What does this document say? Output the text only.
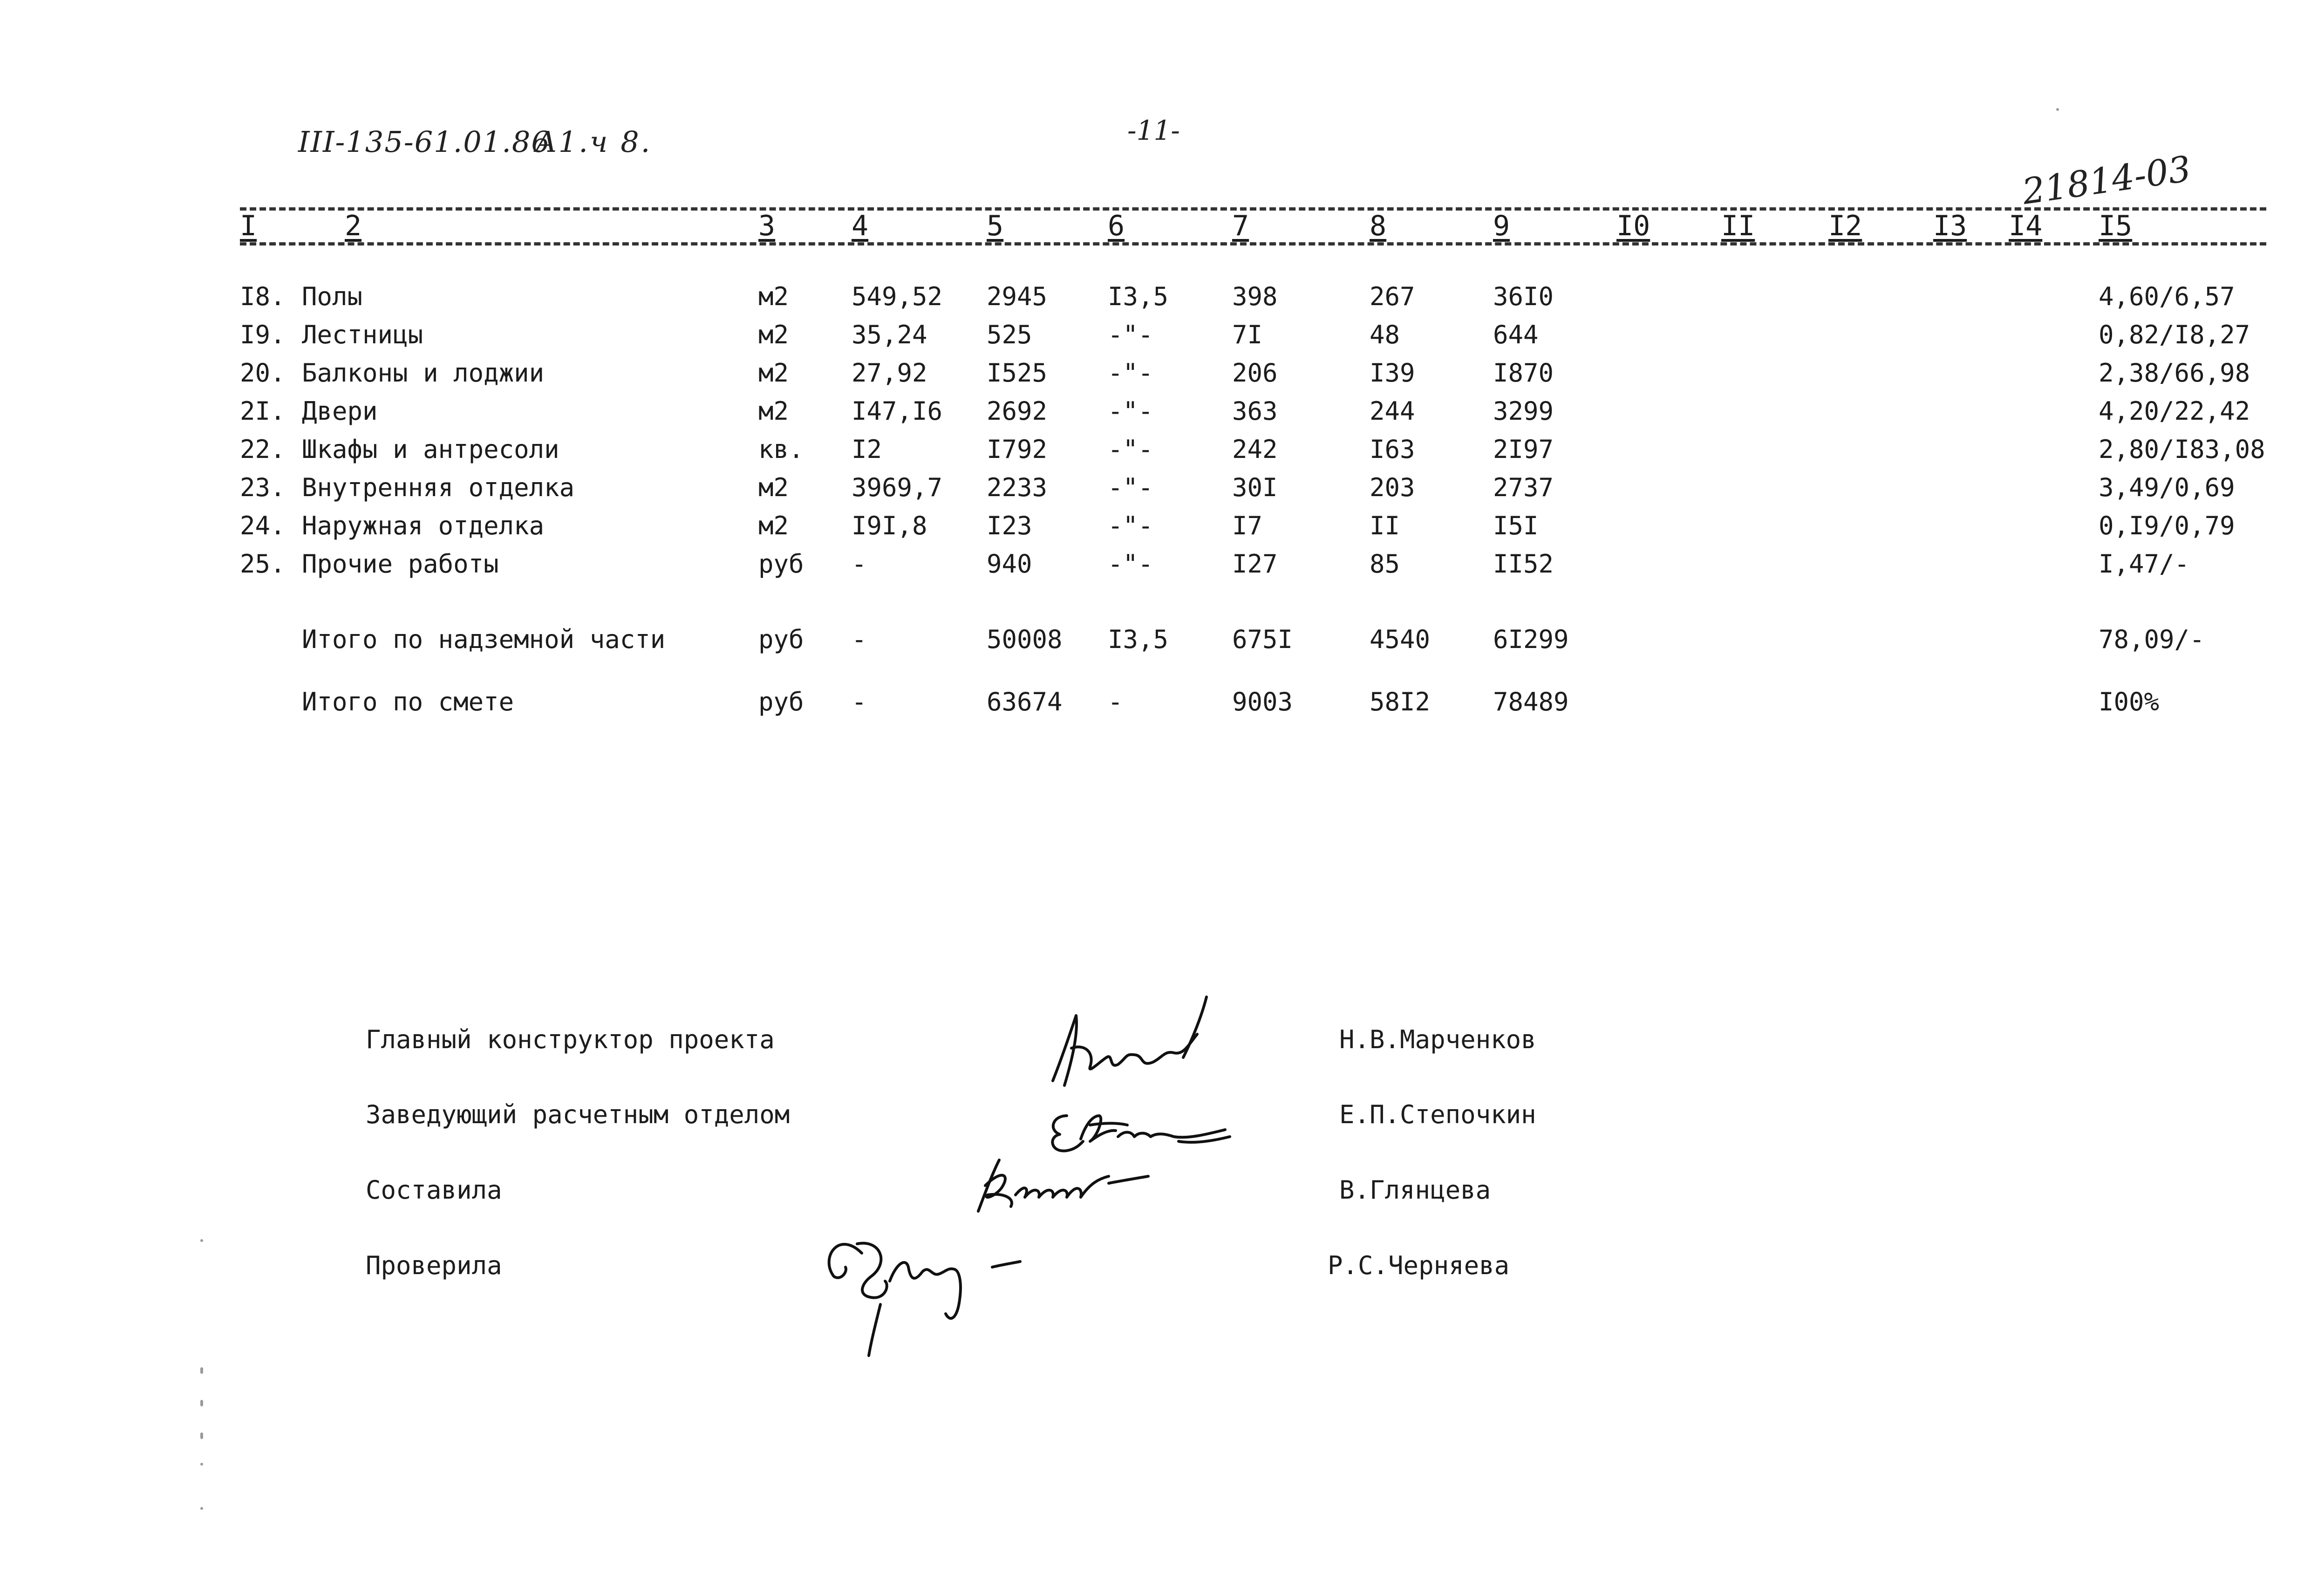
III-135-61.01.86
A1.ч 8.	-11-
21814-03
I	2	3	4	5	6	7	8	9	I0	II	I2	I3 I4 I5
I8. Полы	м2 549,52 2945 I3,5	398	267	36I0	4,60/6,57
I9. Лестницы	м2 35,24 525	-"-	7I	48	644	0,82/I8,27
20. Балконы и лоджии	м2 27,92 I525 -"-	206	I39	I870	2,38/66,98
2I. Двери	м2 I47,I6 2692 -"-	363	244	3299	4,20/22,42
22. Шкафы и антресоли	кв. I2	I792 -"-	242	I63	2I97	2,80/I83,08
23. Внутренняя отделка	м2 3969,7 2233 -"-	30I	203	2737	3,49/0,69
24. Наружная отделка	м2 I9I,8 I23	-"-	I7	II	I5I	0,I9/0,79
25. Прочие работы	руб -	940	-"-	I27	85	II52	I,47/-
Итого по надземной части	руб -	50008 I3,5	675I	4540 6I299	78,09/-
Итого по смете	руб -	63674 -	9003	58I2 78489	I00%
Главный конструктор проекта	Н.В.Марченков
Заведующий расчетным отделом	Е.П.Степочкин
Составила	В.Глянцева
Проверила	Р.С.Черняева
